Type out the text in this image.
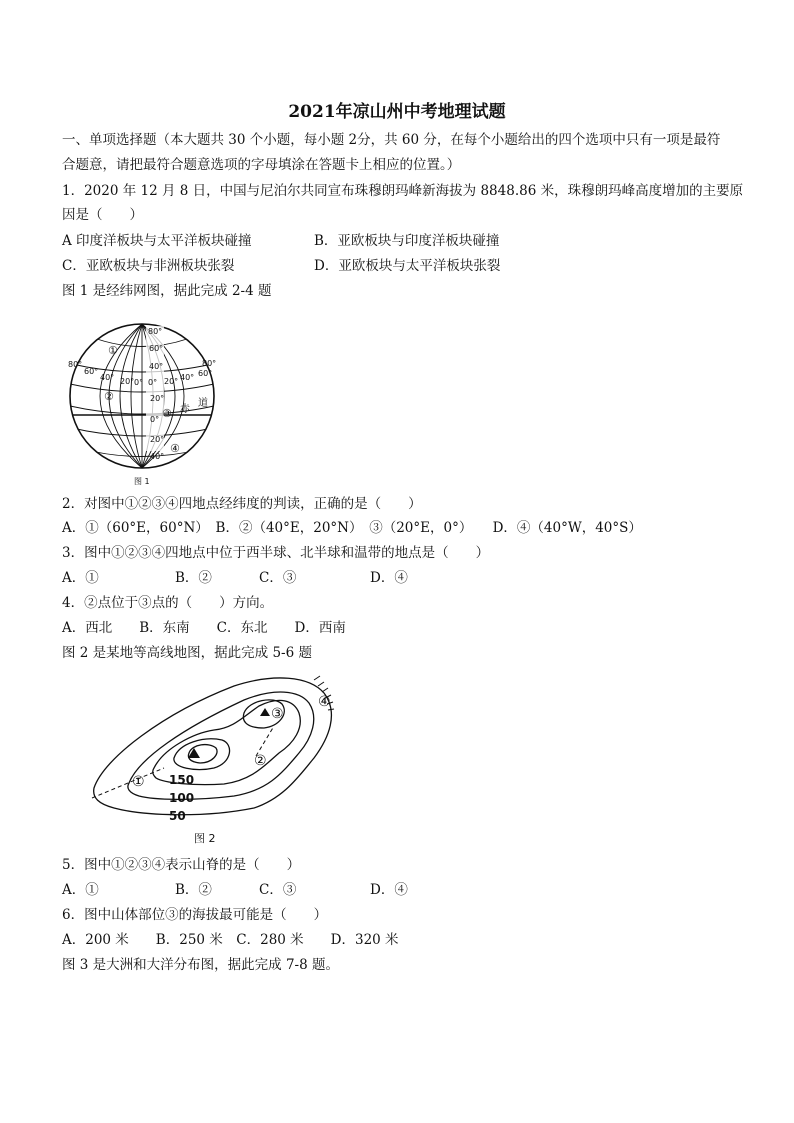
2021年凉山州中考地理试题
一、单项选择题（本大题共 30 个小题，每小题 2分，共 60 分，在每个小题给出的四个选项中只有一项是最符
合题意，请把最符合题意选项的字母填涂在答题卡上相应的位置。）
1．2020 年 12 月 8 日，中国与尼泊尔共同宣布珠穆朗玛峰新海拔为 8848.86 米，珠穆朗玛峰高度增加的主要原
因是（　　）
A 印度洋板块与太平洋板块碰撞	B．亚欧板块与印度洋板块碰撞
C．亚欧板块与非洲板块张裂	D．亚欧板块与太平洋板块张裂
图 1 是经纬网图，据此完成 2-4 题
80°
60°
40°
20°
0°
20°
40°
80°
60°
40° 20° 0° 0° 20° 40° 60°
80°
赤
道
①
②
③
④
图 1
2．对图中①②③④四地点经纬度的判读，正确的是（　　）
A．①（60°E，60°N）　B．②（40°E，20°N）　③（20°E，0°）　　D．④（40°W，40°S）
3．图中①②③④四地点中位于西半球、北半球和温带的地点是（　　）
A．①	B．②	C．③	D．④
4．②点位于③点的（　　）方向。
A．西北　　B．东南　　C．东北　　D．西南
图 2 是某地等高线地图，据此完成 5-6 题
①
②
③
④
150
100
50
图 2
5．图中①②③④表示山脊的是（　　）
A．①	B．②	C．③	D．④
6．图中山体部位③的海拔最可能是（　　）
A．200 米　　B．250 米　C．280 米　　D．320 米
图 3 是大洲和大洋分布图，据此完成 7-8 题。
